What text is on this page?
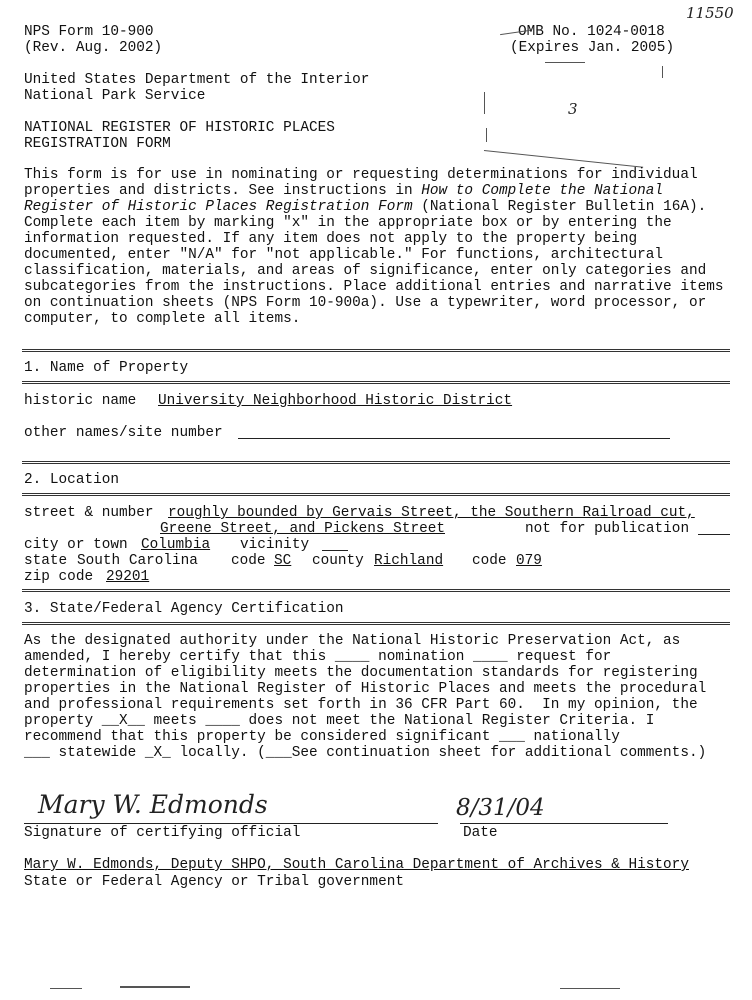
NPS Form 10-900
(Rev. Aug. 2002)
OMB No. 1024-0018
(Expires Jan. 2005)
11550
3
United States Department of the Interior
National Park Service
NATIONAL REGISTER OF HISTORIC PLACES
REGISTRATION FORM
This form is for use in nominating or requesting determinations for individual properties and districts. See instructions in How to Complete the National Register of Historic Places Registration Form (National Register Bulletin 16A). Complete each item by marking "x" in the appropriate box or by entering the information requested. If any item does not apply to the property being documented, enter "N/A" for "not applicable." For functions, architectural classification, materials, and areas of significance, enter only categories and subcategories from the instructions. Place additional entries and narrative items on continuation sheets (NPS Form 10-900a). Use a typewriter, word processor, or computer, to complete all items.
1. Name of Property
historic name University Neighborhood Historic District
other names/site number
2. Location
street & number roughly bounded by Gervais Street, the Southern Railroad cut,
Greene Street, and Pickens Street	not for publication
city or town Columbia vicinity
state South Carolina code SC county Richland code 079
zip code 29201
3. State/Federal Agency Certification
As the designated authority under the National Historic Preservation Act, as
amended, I hereby certify that this ____ nomination ____ request for
determination of eligibility meets the documentation standards for registering
properties in the National Register of Historic Places and meets the procedural
and professional requirements set forth in 36 CFR Part 60.  In my opinion, the
property __X__ meets ____ does not meet the National Register Criteria. I
recommend that this property be considered significant ___ nationally
___ statewide _X_ locally. (___See continuation sheet for additional comments.)
Mary W. Edmonds	8/31/04
Signature of certifying official	Date
Mary W. Edmonds, Deputy SHPO, South Carolina Department of Archives & History
State or Federal Agency or Tribal government
